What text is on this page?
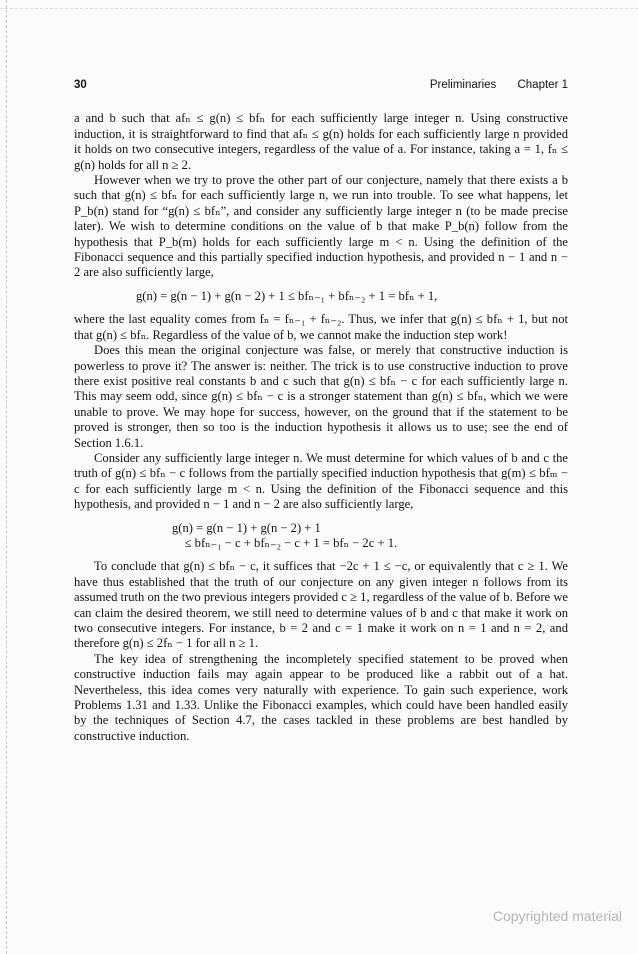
30	Preliminaries Chapter 1

a and b such that afₙ ≤ g(n) ≤ bfₙ for each sufficiently large integer n. Using constructive induction, it is straightforward to find that afₙ ≤ g(n) holds for each sufficiently large n provided it holds on two consecutive integers, regardless of the value of a. For instance, taking a = 1, fₙ ≤ g(n) holds for all n ≥ 2.

However when we try to prove the other part of our conjecture, namely that there exists a b such that g(n) ≤ bfₙ for each sufficiently large n, we run into trouble. To see what happens, let P_b(n) stand for “g(n) ≤ bfₙ”, and consider any sufficiently large integer n (to be made precise later). We wish to determine conditions on the value of b that make P_b(n) follow from the hypothesis that P_b(m) holds for each sufficiently large m < n. Using the definition of the Fibonacci sequence and this partially specified induction hypothesis, and provided n − 1 and n − 2 are also sufficiently large,

g(n) = g(n − 1) + g(n − 2) + 1 ≤ bfₙ₋₁ + bfₙ₋₂ + 1 = bfₙ + 1,

where the last equality comes from fₙ = fₙ₋₁ + fₙ₋₂. Thus, we infer that g(n) ≤ bfₙ + 1, but not that g(n) ≤ bfₙ. Regardless of the value of b, we cannot make the induction step work!

Does this mean the original conjecture was false, or merely that constructive induction is powerless to prove it? The answer is: neither. The trick is to use constructive induction to prove there exist positive real constants b and c such that g(n) ≤ bfₙ − c for each sufficiently large n. This may seem odd, since g(n) ≤ bfₙ − c is a stronger statement than g(n) ≤ bfₙ, which we were unable to prove. We may hope for success, however, on the ground that if the statement to be proved is stronger, then so too is the induction hypothesis it allows us to use; see the end of Section 1.6.1.

Consider any sufficiently large integer n. We must determine for which values of b and c the truth of g(n) ≤ bfₙ − c follows from the partially specified induction hypothesis that g(m) ≤ bfₘ − c for each sufficiently large m < n. Using the definition of the Fibonacci sequence and this hypothesis, and provided n − 1 and n − 2 are also sufficiently large,

g(n) = g(n − 1) + g(n − 2) + 1
≤ bfₙ₋₁ − c + bfₙ₋₂ − c + 1 = bfₙ − 2c + 1.

To conclude that g(n) ≤ bfₙ − c, it suffices that −2c + 1 ≤ −c, or equivalently that c ≥ 1. We have thus established that the truth of our conjecture on any given integer n follows from its assumed truth on the two previous integers provided c ≥ 1, regardless of the value of b. Before we can claim the desired theorem, we still need to determine values of b and c that make it work on two consecutive integers. For instance, b = 2 and c = 1 make it work on n = 1 and n = 2, and therefore g(n) ≤ 2fₙ − 1 for all n ≥ 1.

The key idea of strengthening the incompletely specified statement to be proved when constructive induction fails may again appear to be produced like a rabbit out of a hat. Nevertheless, this idea comes very naturally with experience. To gain such experience, work Problems 1.31 and 1.33. Unlike the Fibonacci examples, which could have been handled easily by the techniques of Section 4.7, the cases tackled in these problems are best handled by constructive induction.

Copyrighted material
